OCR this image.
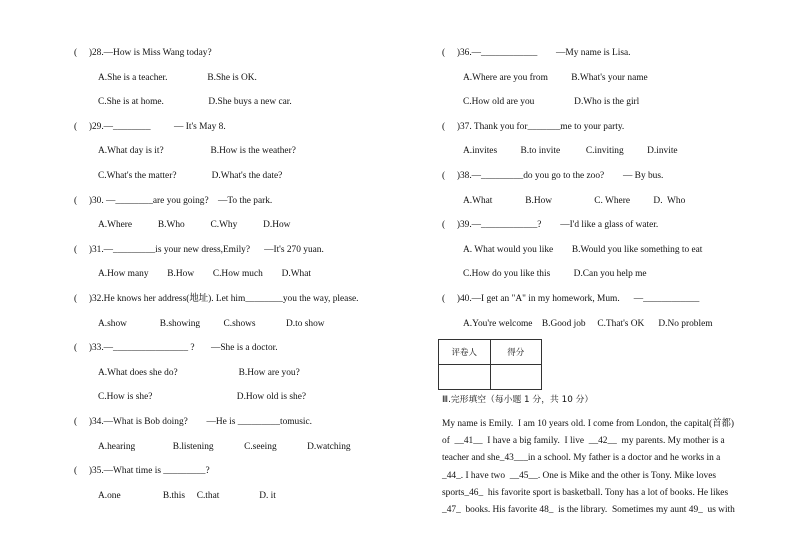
(     )28.—How is Miss Wang today?
A.She is a teacher.                 B.She is OK.
C.She is at home.                   D.She buys a new car.
(     )29.—________          — It's May 8.
A.What day is it?                    B.How is the weather?
C.What's the matter?               D.What's the date?
(     )30. —________are you going?    —To the park.
A.Where           B.Who           C.Why           D.How
(     )31.—_________is your new dress,Emily?      —It's 270 yuan.
A.How many        B.How        C.How much        D.What
(     )32.He knows her address(地址). Let him________you the way, please.
A.show              B.showing          C.shows             D.to show
(     )33.—________________ ?       —She is a doctor.
A.What does she do?                          B.How are you?
C.How is she?                                    D.How old is she?
(     )34.—What is Bob doing?        —He is _________tomusic.
A.hearing                B.listening             C.seeing             D.watching
(     )35.—What time is _________?
A.one                  B.this     C.that                 D. it
(     )36.—____________        —My name is Lisa.
A.Where are you from          B.What's your name
C.How old are you                 D.Who is the girl
(     )37. Thank you for_______me to your party.
A.invites          B.to invite           C.inviting          D.invite
(     )38.—_________do you go to the zoo?        — By bus.
A.What              B.How                  C. Where          D.  Who
(     )39.—____________?        —I'd like a glass of water.
A. What would you like        B.Would you like something to eat
C.How do you like this          D.Can you help me
(     )40.—I get an "A" in my homework, Mum.      —____________
A.You're welcome    B.Good job     C.That's OK      D.No problem
评卷人	得分

Ⅲ.完形填空（每小题 1 分，共 10 分）
My name is Emily.  I am 10 years old. I come from London, the capital(首都)
of  __41__  I have a big family.  I live  __42__  my parents. My mother is a
teacher and she_43___in a school. My father is a doctor and he works in a
_44_. I have two  __45__. One is Mike and the other is Tony. Mike loves
sports_46_  his favorite sport is basketball. Tony has a lot of books. He likes
_47_  books. His favorite 48_  is the library.  Sometimes my aunt 49_  us with
